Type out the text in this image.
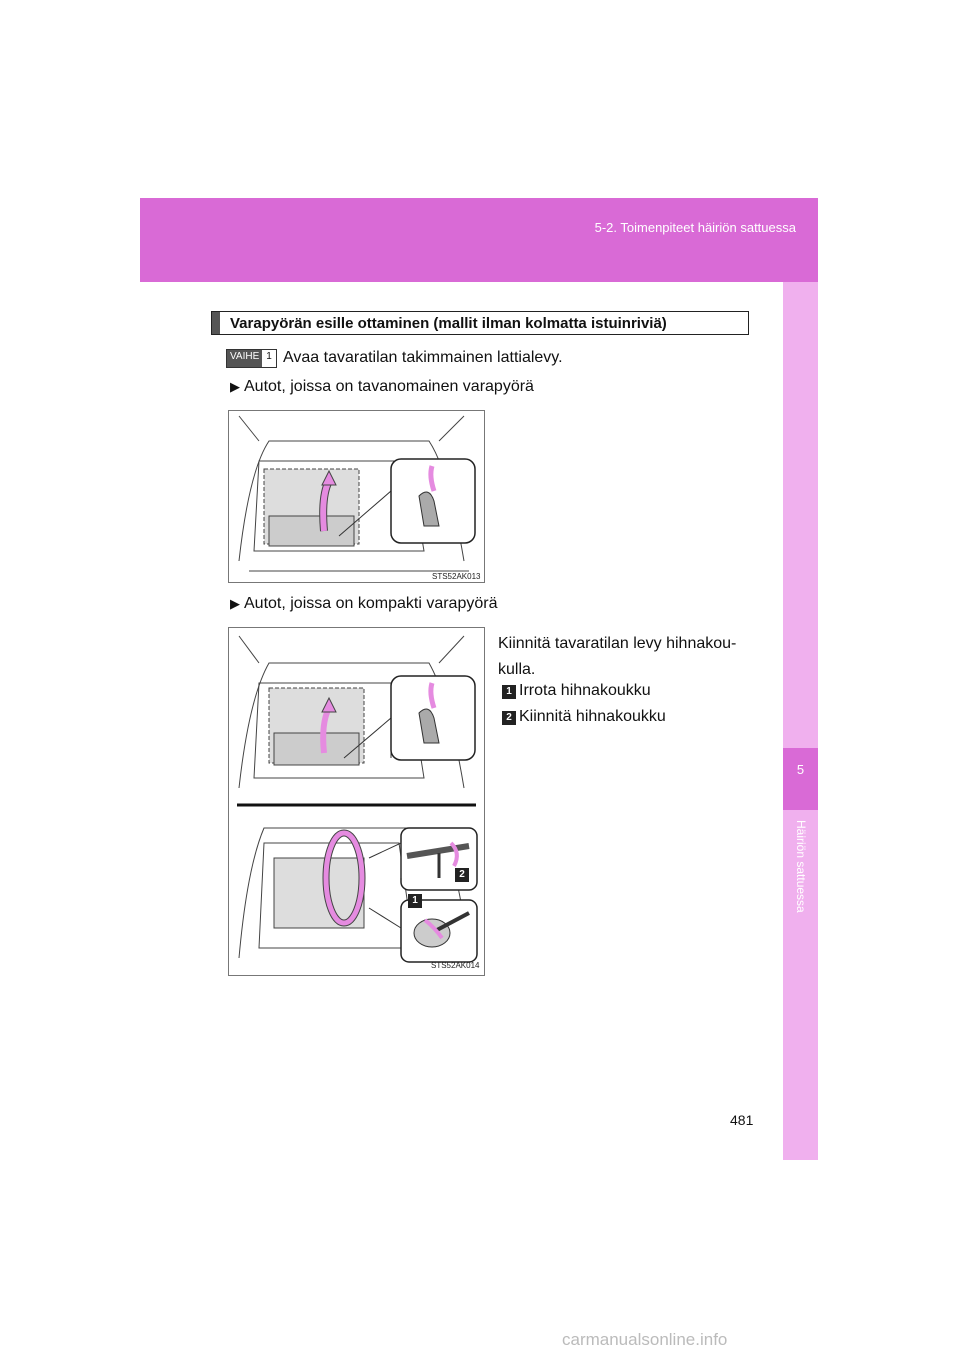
5-2. Toimenpiteet häiriön sattuessa
5
Häiriön sattuessa
Varapyörän esille ottaminen (mallit ilman kolmatta istuinriviä)
VAIHE 1 Avaa tavaratilan takimmainen lattialevy.
▶ Autot, joissa on tavanomainen varapyörä
STS52AK013
▶ Autot, joissa on kompakti varapyörä
2
1
STS52AK014
Kiinnitä tavaratilan levy hihnakou-
kulla.
1 Irrota hihnakoukku
2 Kiinnitä hihnakoukku
481
carmanualsonline.info
